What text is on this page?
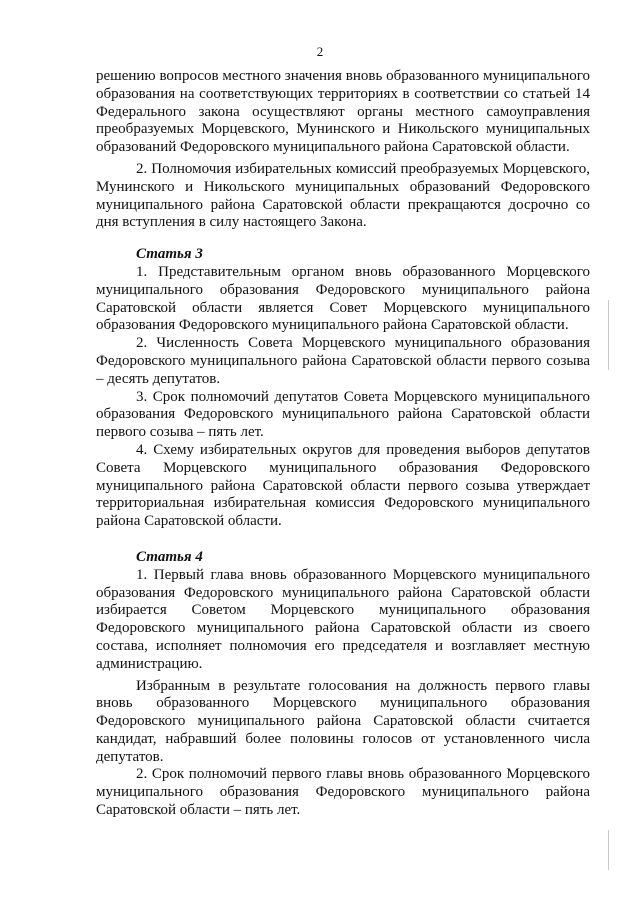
2

решению вопросов местного значения вновь образованного муниципального образования на соответствующих территориях в соответствии со статьей 14 Федерального закона осуществляют органы местного самоуправления преобразуемых Морцевского, Мунинского и Никольского муниципальных образований Федоровского муниципального района Саратовской области.

2. Полномочия избирательных комиссий преобразуемых Морцевского, Мунинского и Никольского муниципальных образований Федоровского муниципального района Саратовской области прекращаются досрочно со дня вступления в силу настоящего Закона.

Статья 3

1. Представительным органом вновь образованного Морцевского муниципального образования Федоровского муниципального района Саратовской области является Совет Морцевского муниципального образования Федоровского муниципального района Саратовской области.

2. Численность Совета Морцевского муниципального образования Федоровского муниципального района Саратовской области первого созыва – десять депутатов.

3. Срок полномочий депутатов Совета Морцевского муниципального образования Федоровского муниципального района Саратовской области первого созыва – пять лет.

4. Схему избирательных округов для проведения выборов депутатов Совета Морцевского муниципального образования Федоровского муниципального района Саратовской области первого созыва утверждает территориальная избирательная комиссия Федоровского муниципального района Саратовской области.

Статья 4

1. Первый глава вновь образованного Морцевского муниципального образования Федоровского муниципального района Саратовской области избирается Советом Морцевского муниципального образования Федоровского муниципального района Саратовской области из своего состава, исполняет полномочия его председателя и возглавляет местную администрацию.

Избранным в результате голосования на должность первого главы вновь образованного Морцевского муниципального образования Федоровского муниципального района Саратовской области считается кандидат, набравший более половины голосов от установленного числа депутатов.

2. Срок полномочий первого главы вновь образованного Морцевского муниципального образования Федоровского муниципального района Саратовской области – пять лет.
